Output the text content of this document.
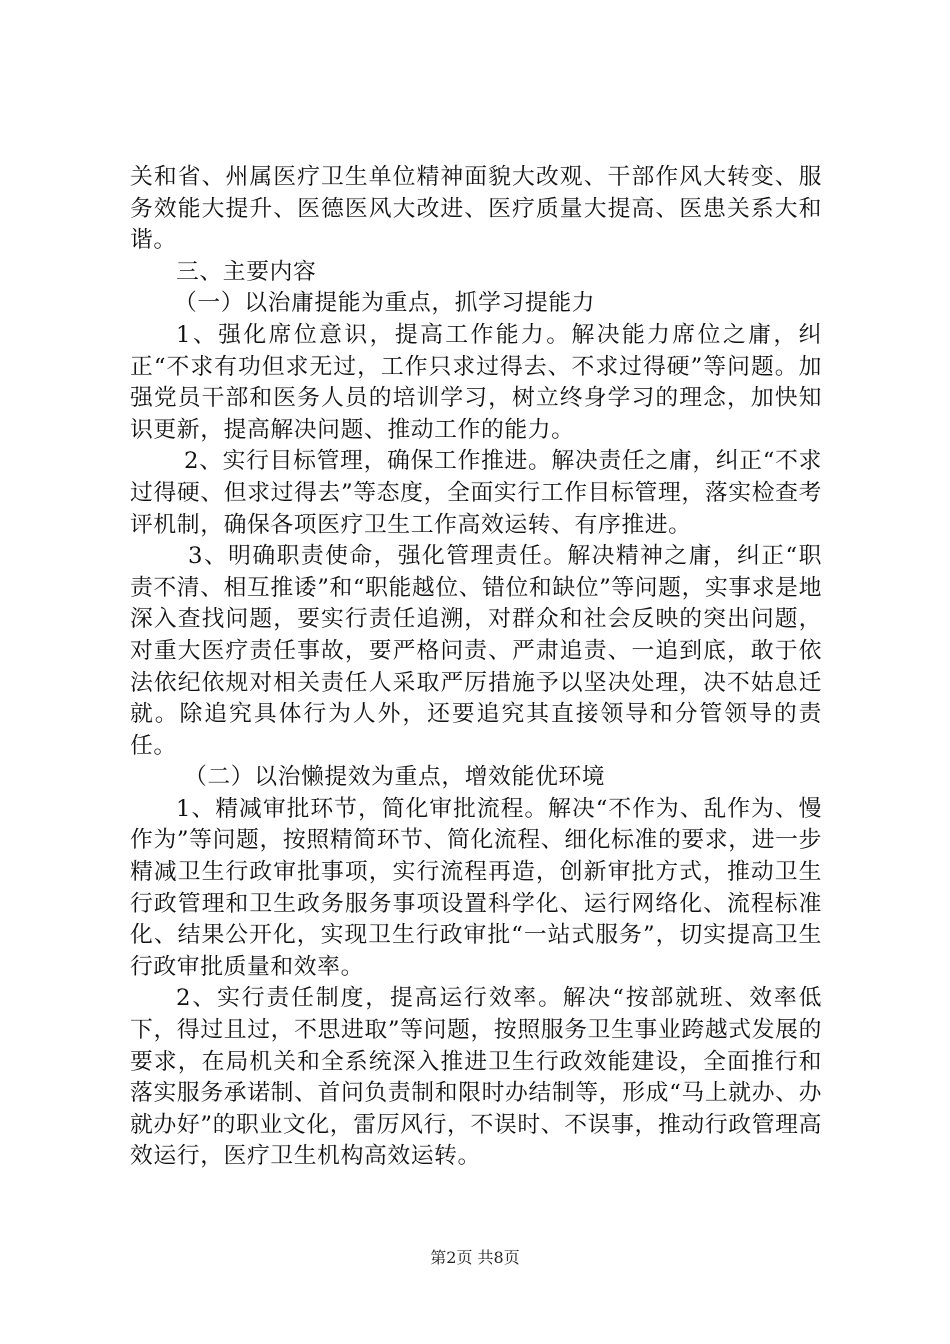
关和省、州属医疗卫生单位精神面貌大改观、干部作风大转变、服务效能大提升、医德医风大改进、医疗质量大提高、医患关系大和谐。

三、主要内容

（一）以治庸提能为重点，抓学习提能力

1、强化席位意识，提高工作能力。解决能力席位之庸，纠正“不求有功但求无过，工作只求过得去、不求过得硬”等问题。加强党员干部和医务人员的培训学习，树立终身学习的理念，加快知识更新，提高解决问题、推动工作的能力。

2、实行目标管理，确保工作推进。解决责任之庸，纠正“不求过得硬、但求过得去”等态度，全面实行工作目标管理，落实检查考评机制，确保各项医疗卫生工作高效运转、有序推进。

3、明确职责使命，强化管理责任。解决精神之庸，纠正“职责不清、相互推诿”和“职能越位、错位和缺位”等问题，实事求是地深入查找问题，要实行责任追溯，对群众和社会反映的突出问题，对重大医疗责任事故，要严格问责、严肃追责、一追到底，敢于依法依纪依规对相关责任人采取严厉措施予以坚决处理，决不姑息迁就。除追究具体行为人外，还要追究其直接领导和分管领导的责任。

（二）以治懒提效为重点，增效能优环境

1、精减审批环节，简化审批流程。解决“不作为、乱作为、慢作为”等问题，按照精简环节、简化流程、细化标准的要求，进一步精减卫生行政审批事项，实行流程再造，创新审批方式，推动卫生行政管理和卫生政务服务事项设置科学化、运行网络化、流程标准化、结果公开化，实现卫生行政审批“一站式服务”，切实提高卫生行政审批质量和效率。

2、实行责任制度，提高运行效率。解决“按部就班、效率低下，得过且过，不思进取”等问题，按照服务卫生事业跨越式发展的要求，在局机关和全系统深入推进卫生行政效能建设，全面推行和落实服务承诺制、首问负责制和限时办结制等，形成“马上就办、办就办好”的职业文化，雷厉风行，不误时、不误事，推动行政管理高效运行，医疗卫生机构高效运转。

第2页 共8页
